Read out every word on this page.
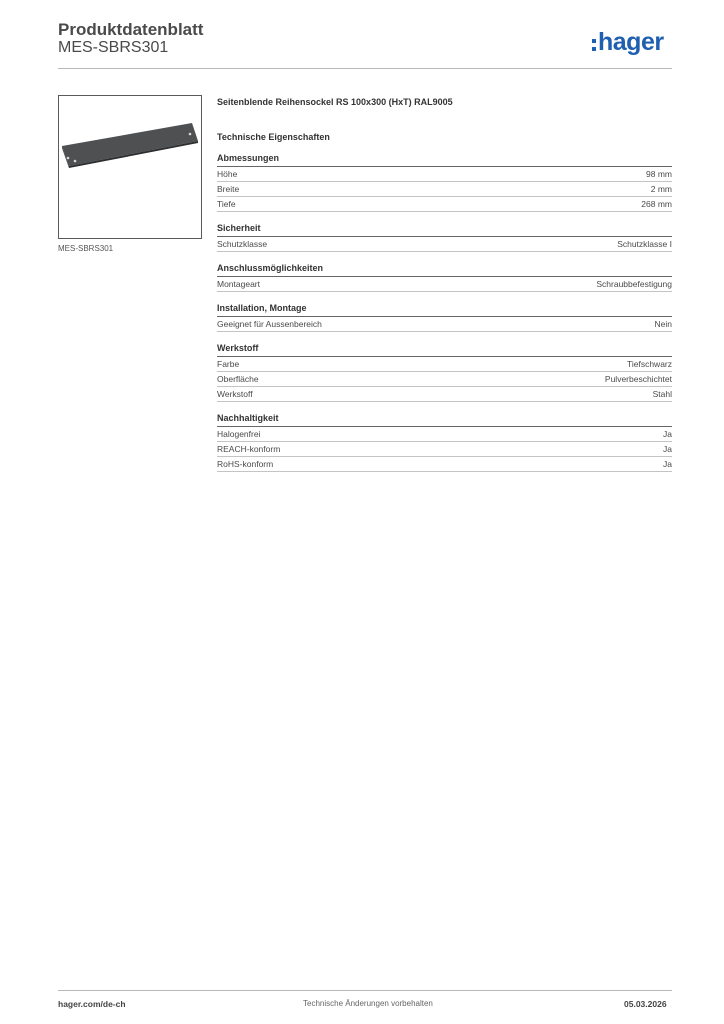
Produktdatenblatt
MES-SBRS301	hager
MES-SBRS301
Seitenblende Reihensockel RS 100x300 (HxT) RAL9005
Technische Eigenschaften
Abmessungen
Höhe	98 mm
Breite	2 mm
Tiefe	268 mm
Sicherheit
Schutzklasse	Schutzklasse I
Anschlussmöglichkeiten
Montageart	Schraubbefestigung
Installation, Montage
Geeignet für Aussenbereich	Nein
Werkstoff
Farbe	Tiefschwarz
Oberfläche	Pulverbeschichtet
Werkstoff	Stahl
Nachhaltigkeit
Halogenfrei	Ja
REACH-konform	Ja
RoHS-konform	Ja
hager.com/de-ch	Technische Änderungen vorbehalten	05.03.2026
